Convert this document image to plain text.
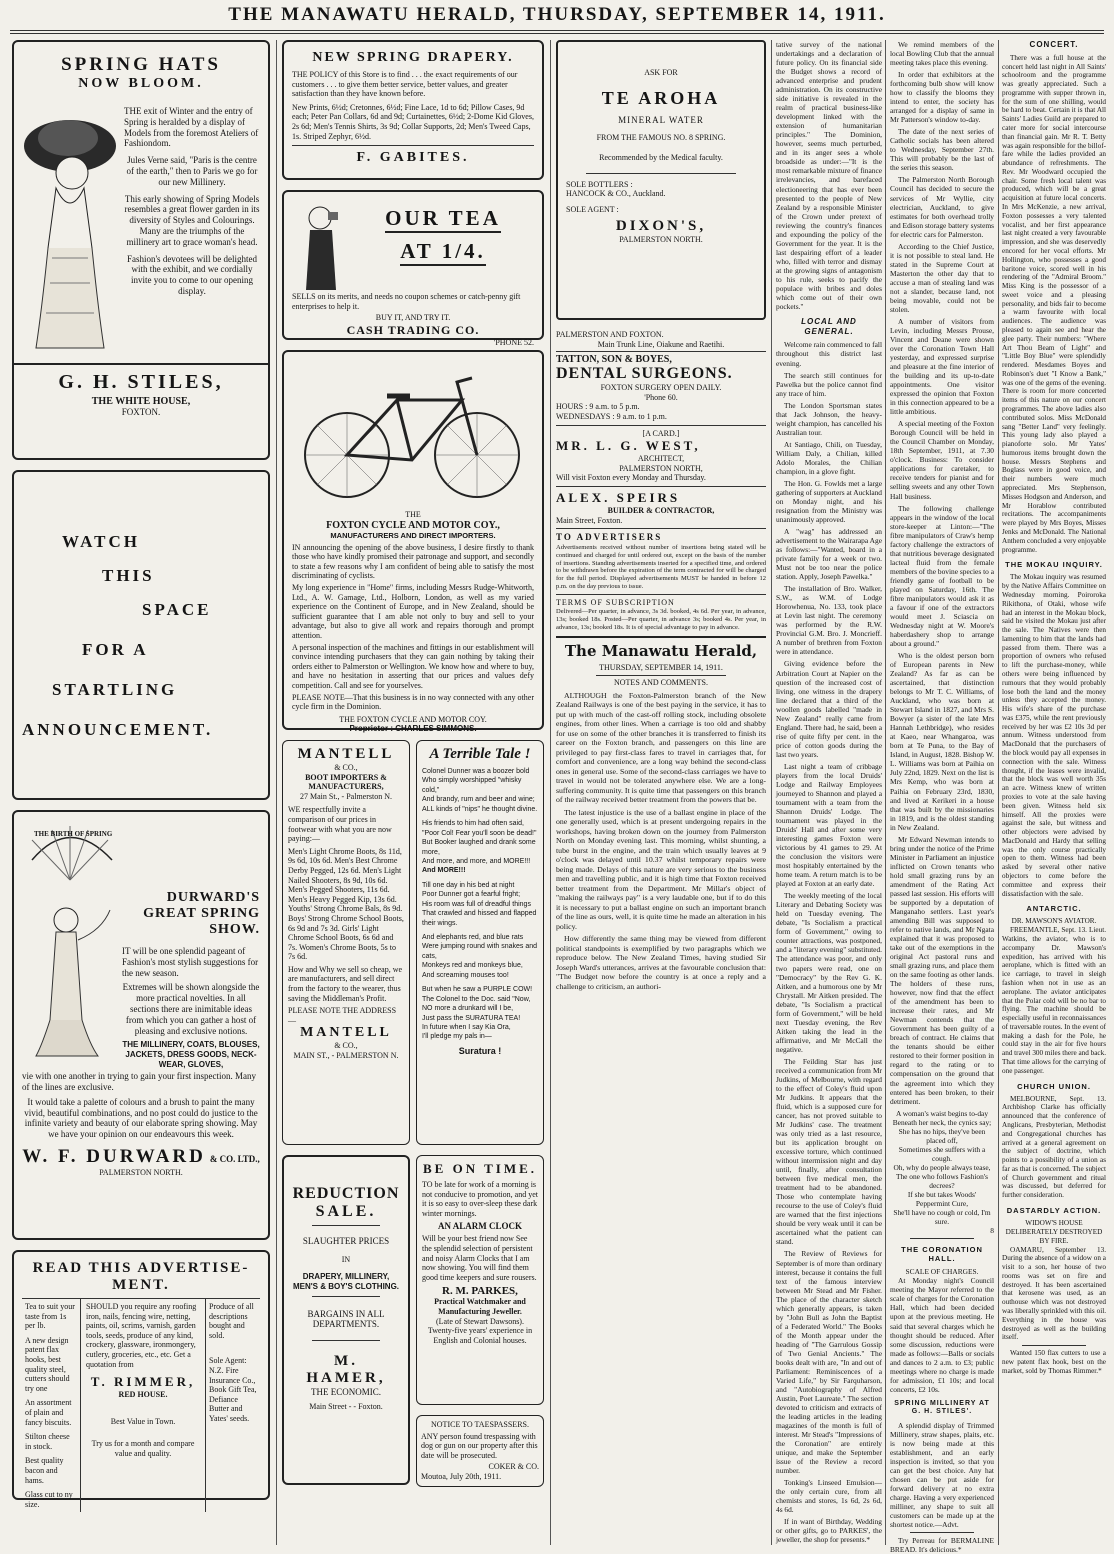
THE MANAWATU HERALD, THURSDAY, SEPTEMBER 14, 1911.
SPRING HATS
NOW BLOOM.

THE exit of Winter and the entry of Spring is heralded by a display of Models from the foremost Ateliers of Fashiondom.

Jules Verne said, "Paris is the centre of the earth," then to Paris we go for our new Millinery.

This early showing of Spring Models resembles a great flower garden in its diversity of Styles and Colourings. Many are the triumphs of the millinery art to grace woman's head.

Fashion's devotees will be delighted with the exhibit, and we cordially invite you to come to our opening display.

G. H. STILES,
THE WHITE HOUSE,
FOXTON.
WATCH
THIS
SPACE
FOR A
STARTLING
ANNOUNCEMENT.
THE BIRTH OF SPRING
DURWARD'S GREAT SPRING SHOW.

IT will be one splendid pageant of Fashion's most stylish suggestions for the new season.

Extremes will be shown alongside the more practical novelties. In all sections there are inimitable ideas from which you can gather a host of pleasing and exclusive notions.

THE MILLINERY, COATS, BLOUSES, JACKETS, DRESS GOODS, NECK-WEAR, GLOVES,

vie with one another in trying to gain your first inspection. Many of the lines are exclusive.

It would take a palette of colours and a brush to paint the many vivid, beautiful combinations, and no post could do justice to the infinite variety and beauty of our elaborate spring showing. May we have your opinion on our endeavours this week.

W. F. DURWARD & CO. LTD.,
PALMERSTON NORTH.
READ THIS ADVERTISE-MENT.

Tea to suit your taste from 1s per lb.

A new design patent flax hooks, best quality steel, cutters should try one

An assortment of plain and fancy biscuits.

Stilton cheese in stock.

Best quality bacon and hams.

Glass cut to ny size.

SHOULD you require any roofing iron, nails, fencing wire, netting, paints, oil, scrims, varnish, garden tools, seeds, produce of any kind, crockery, glassware, ironmongery, cutlery, groceries, etc., etc. Get a quotation from

T. RIMMER,
RED HOUSE.
Best Value in Town.
Try us for a month and compare value and quality.

Produce of all descriptions bought and sold.

Sole Agent: N.Z. Fire Insurance Co., Book Gift Tea, Defiance Butter and Yates' seeds.

NEW SPRING DRAPERY.

THE POLICY of this Store is to find . . . the exact requirements of our customers . . . to give them better service, better values, and greater satisfaction than they have known before.

New Prints, 6½d; Cretonnes, 6½d; Fine Lace, 1d to 6d; Pillow Cases, 9d each; Peter Pan Collars, 6d and 9d; Curtainettes, 6½d; 2-Dome Kid Gloves, 2s 6d; Men's Tennis Shirts, 3s 9d; Collar Supports, 2d; Men's Tweed Caps, 1s. Striped Zephyr, 6½d.

F. GABITES.
OUR TEA
AT 1/4.

SELLS on its merits, and needs no coupon schemes or catch-penny gift enterprises to help it.

BUY IT, AND TRY IT.
CASH TRADING CO.
'PHONE 52.
THE
FOXTON CYCLE AND MOTOR COY.,
MANUFACTURERS AND DIRECT IMPORTERS.

IN announcing the opening of the above business, I desire firstly to thank those who have kindly promised their patronage and support, and secondly to state a few reasons why I am confident of being able to satisfy the most discriminating of cyclists.

My long experience in "Home" firms, including Messrs Rudge-Whitworth, Ltd., A. W. Gamage, Ltd., Holborn, London, as well as my varied experience on the Continent of Europe, and in New Zealand, should be sufficient guarantee that I am able not only to buy and sell to your advantage, but also to give all work and repairs thorough and prompt attention.

A personal inspection of the machines and fittings in our establishment will convince intending purchasers that they can gain nothing by taking their orders either to Palmerston or Wellington. We know how and where to buy, and have no hesitation in asserting that our prices and values defy competition. Call and see for yourselves.

PLEASE NOTE—That this business is in no way connected with any other cycle firm in the Dominion.

THE FOXTON CYCLE AND MOTOR COY.
Proprietor : CHARLES SIMMONS.
MANTELL
& CO.,
BOOT IMPORTERS & MANUFACTURERS,
27 Main St., - Palmerston N.

WE respectfully invite a comparison of our prices in footwear with what you are now paying:—

Men's Light Chrome Boots, 8s 11d, 9s 6d, 10s 6d. Men's Best Chrome Derby Pegged, 12s 6d. Men's Light Nailed Shooters, 8s 9d, 10s 6d. Men's Pegged Shooters, 11s 6d. Men's Heavy Pegged Kip, 13s 6d. Youths' Strong Chrome Bals, 8s 9d. Boys' Strong Chrome School Boots, 6s 9d and 7s 3d. Girls' Light Chrome School Boots, 6s 6d and 7s. Women's Chrome Boots, 5s to 7s 6d.

How and Why we sell so cheap, we are manufacturers, and sell direct from the factory to the wearer, thus saving the Middleman's Profit.

PLEASE NOTE THE ADDRESS—
MANTELL
& CO.,
MAIN ST., - PALMERSTON N.
REDUCTION
SALE.
SLAUGHTER PRICES
IN
DRAPERY, MILLINERY, MEN'S & BOY'S CLOTHING.
BARGAINS IN ALL DEPARTMENTS.
M. HAMER,
THE ECONOMIC.
Main Street - - Foxton.
A Terrible Tale !
Colonel Dunner was a boozer bold
Who simply worshipped "whisky cold,"
And brandy, rum and beer and wine;
ALL kinds of "nips" he thought divine.
His friends to him had often said,
"Poor Col! Fear you'll soon be dead!"
But Booker laughed and drank some more,
And more, and more, and MORE!!!
And MORE!!!
Till one day in his bed at night
Poor Dunner got a fearful fright;
His room was full of dreadful things
That crawled and hissed and flapped their wings.
And elephants red, and blue rats
Were jumping round with snakes and cats,
Monkeys red and monkeys blue,
And screaming mouses too!
But when he saw a PURPLE COW!
The Colonel to the Doc. said "Now,
NO more a drunkard will I be,
Just pass the SURATURA TEA!
In future when I say Kia Ora,
I'll pledge my pals in—
Suratura !
BE ON TIME.

TO be late for work of a morning is not conducive to promotion, and yet it is so easy to over-sleep these dark winter mornings.

AN ALARM CLOCK

Will be your best friend now See the splendid selection of persistent and noisy Alarm Clocks that I am now showing. You will find them good time keepers and sure rousers.

R. M. PARKES,
Practical Watchmaker and Manufacturing Jeweller.
(Late of Stewart Dawsons). Twenty-five years' experience in English and Colonial houses.
NOTICE TO TAESPASSERS.

ANY person found trespassing with dog or gun on our property after this date will be prosecuted.

COKER & CO.
Moutoa, July 20th, 1911.
ASK FOR
TE AROHA
MINERAL WATER
FROM THE FAMOUS NO. 8 SPRING.
Recommended by the Medical faculty.
SOLE BOTTLERS :
HANCOCK & CO., Auckland.
SOLE AGENT :
DIXON'S,
PALMERSTON NORTH.
PALMERSTON AND FOXTON.
Main Trunk Line, Oiakune and Raetihi.
TATTON, SON & BOYES,
DENTAL SURGEONS.
FOXTON SURGERY OPEN DAILY.
'Phone 60.
HOURS : 9 a.m. to 5 p.m.
WEDNESDAYS : 9 a.m. to 1 p.m.
[A CARD.]
MR. L. G. WEST,
ARCHITECT,
PALMERSTON NORTH,
Will visit Foxton every Monday and Thursday.
ALEX. SPEIRS
BUILDER & CONTRACTOR,
Main Street, Foxton.
TO ADVERTISERS

Advertisements received without number of insertions being stated will be continued and charged for until ordered out, except on the basis of the number of insertions. Standing advertisements inserted for a specified time, and ordered to be withdrawn before the expiration of the term contracted for will be charged for the full period. Displayed advertisements MUST be handed in before 12 p.m. on the day previous to issue.

TERMS OF SUBSCRIPTION

Delivered—Per quarter, in advance, 3s 3d. booked, 4s 6d. Per year, in advance, 13s; booked 18s. Posted—Per quarter, in advance 3s; booked 4s. Per year, in advance, 13s; booked 18s. It is of special advantage to pay in advance.

The Manawatu Herald,
THURSDAY, SEPTEMBER 14, 1911.
NOTES AND COMMENTS.

ALTHOUGH the Foxton-Palmerston branch of the New Zealand Railways is one of the best paying in the service, it has to put up with much of the cast-off rolling stock, including obsolete engines, from other lines. When a carriage is too old and shabby for use on some of the other branches it is transferred to finish its career on the Foxton branch, and passengers on this line are privileged to pay first-class fares to travel in carriages that, for comfort and convenience, are a long way behind the second-class ones in general use. Some of the second-class carriages we have to travel in would not be tolerated anywhere else. We are a long-suffering community. It is quite time that passengers on this branch of the railway received better treatment from the powers that be.

The latest injustice is the use of a ballast engine in place of the one generally used, which is at present undergoing repairs in the workshops, having broken down on the journey from Palmerston North on Monday evening last. This morning, whilst shunting, a tube burst in the engine, and the train which usually leaves at 9 o'clock was delayed until 10.37 whilst temporary repairs were being made. Delays of this nature are very serious to the business men and travelling public, and it is high time that Foxton received better treatment from the Department. Mr Millar's object of "making the railways pay" is a very laudable one, but if to do this it is necessary to put a ballast engine on such an important branch of the line as ours, well, it is quite time he made an alteration in his policy.

How differently the same thing may be viewed from different political standpoints is exemplified by two paragraphs which we reproduce below. The New Zealand Times, having studied Sir Joseph Ward's utterances, arrives at the favourable conclusion that: "The Budget now before the country is at once a reply and a challenge to criticism, an authori-

tative survey of the national undertakings and a declaration of future policy. On its financial side the Budget shows a record of advanced enterprise and prudent administration. On its constructive side initiative is revealed in the realm of practical business-like development linked with the extension of humanitarian principles." The Dominion, however, seems much perturbed, and in its anger sees a whole broadside as under:—"It is the most remarkable mixture of finance irrelevancies, and barefaced electioneering that has ever been presented to the people of New Zealand by a responsible Minister of the Crown under pretext of reviewing the country's finances and expounding the policy of the Government for the year. It is the last despairing effort of a leader who, filled with terror and dismay at the growing signs of antagonism to his rule, seeks to pacify the populace with bribes and doles which come out of their own pockets."

LOCAL AND GENERAL.

Welcome rain commenced to fall throughout this district last evening.

The search still continues for Pawelka but the police cannot find any trace of him.

The London Sportsman states that Jack Johnson, the heavy-weight champion, has cancelled his Australian tour.

At Santiago, Chili, on Tuesday, William Daly, a Chilian, killed Adolo Morales, the Chilian champion, in a glove fight.

The Hon. G. Fowlds met a large gathering of supporters at Auckland on Monday night, and his resignation from the Ministry was unanimously approved.

A "wag" has addressed an advertisement to the Wairarapa Age as follows:—"Wanted, board in a private family for a week or two. Must not be too near the police station. Apply, Joseph Pawelka."

The installation of Bro. Walker, S.W., as W.M. of Lodge Horowhenua, No. 133, took place at Levin last night. The ceremony was performed by the R.W. Provincial G.M. Bro. J. Moncrieff. A number of brethren from Foxton were in attendance.

Giving evidence before the Arbitration Court at Napier on the question of the increased cost of living, one witness in the drapery line declared that a third of the woollen goods labelled "made in New Zealand" really came from England. There had, he said, been a rise of quite fifty per cent. in the price of cotton goods during the last two years.

Last night a team of cribbage players from the local Druids' Lodge and Railway Employees journeyed to Shannon and played a tournament with a team from the Shannon Druids' Lodge. The tournament was played in the Druids' Hall and after some very interesting games Foxton were victorious by 41 games to 29. At the conclusion the visitors were most hospitably entertained by the home team. A return match is to be played at Foxton at an early date.

The weekly meeting of the local Literary and Debating Society was held on Tuesday evening. The debate, "Is Socialism a practical form of Government," owing to counter attractions, was postponed, and a "literary evening" substituted. The attendance was poor, and only two papers were read, one on "Democracy" by the Rev G. K. Aitken, and a humorous one by Mr Chrystall. Mr Aitken presided. The debate, "Is Socialism a practical form of Government," will be held next Tuesday evening, the Rev Aitken taking the lead in the affirmative, and Mr McCall the negative.

The Feilding Star has just received a communication from Mr Judkins, of Melbourne, with regard to the effect of Coley's fluid upon Mr Judkins. It appears that the fluid, which is a supposed cure for cancer, has not proved suitable to Mr Judkins' case. The treatment was only tried as a last resource, but its application brought on excessive torture, which continued without intermission night and day until, finally, after consultation between five medical men, the treatment had to be abandoned. Those who contemplate having recourse to the use of Coley's fluid are warned that the first injections should be very weak until it can be ascertained what the patient can stand.

The Review of Reviews for September is of more than ordinary interest, because it contains the full text of the famous interview between Mr Stead and Mr Fisher. The place of the character sketch which generally appears, is taken by "John Bull as John the Baptist of a Federated World." The Books of the Month appear under the heading of "The Garrulous Gossip of Two Genial Ancients." The books dealt with are, "In and out of Parliament: Reminiscences of a Varied Life," by Sir Farquharson, and "Autobiography of Alfred Austin, Poet Laureate." The section devoted to criticism and extracts of the leading articles in the leading magazines of the month is full of interest. Mr Stead's "Impressions of the Coronation" are entirely unique, and make the September issue of the Review a record number.

Tonking's Linseed Emulsion—the only certain cure, from all chemists and stores, 1s 6d, 2s 6d, 4s 6d.

If in want of Birthday, Wedding or other gifts, go to PARKES', the jeweller, the shop for presents.*

We remind members of the local Bowling Club that the annual meeting takes place this evening.

In order that exhibitors at the forthcoming bulb show will know how to classify the blooms they intend to enter, the society has arranged for a display of same in Mr Patterson's window to-day.

The date of the next series of Catholic socials has been altered to Wednesday, September 27th. This will probably be the last of the series this season.

The Palmerston North Borough Council has decided to secure the services of Mr Wyllie, city electrician, Auckland, to give estimates for both overhead trolly and Edison storage battery systems for electric cars for Palmerston.

According to the Chief Justice, it is not possible to steal land. He stated in the Supreme Court at Masterton the other day that to accuse a man of stealing land was not a slander, because land, not being movable, could not be stolen.

A number of visitors from Levin, including Messrs Prouse, Vincent and Deane were shown over the Coronation Town Hall yesterday, and expressed surprise and pleasure at the fine interior of the building and its up-to-date appointments. One visitor expressed the opinion that Foxton in this connection appeared to be a little ambitious.

A special meeting of the Foxton Borough Council will be held in the Council Chamber on Monday, 18th September, 1911, at 7.30 o'clock. Business: To consider applications for caretaker, to receive tenders for pianist and for selling sweets and any other Town Hall business.

The following challenge appears in the window of the local store-keeper at Linton:—"The fibre manipulators of Craw's hemp factory challenge the extractors of that nutritious beverage designated lacteal fluid from the female members of the bovine species to a friendly game of football to be played on Saturday, 16th. The fibre manipulators would ask it as a favour if one of the extractors would meet J. Sciascia on Wednesday night at W. Moore's haberdashery shop to arrange about a ground."

Who is the oldest person born of European parents in New Zealand? As far as can be ascertained, that distinction belongs to Mr T. C. Williams, of Auckland, who was born at Stewart Island in 1827, and Mrs S. Bowyer (a sister of the late Mrs Hannah Lethbridge), who resides at Kaeo, near Whangaroa, was born at Te Puna, to the Bay of Island, in August, 1828. Bishop W. L. Williams was born at Paihia on July 22nd, 1829. Next on the list is Mrs Kemp, who was born at Paihia on February 23rd, 1830, and lived at Kerikeri in a house that was built by the missionaries in 1819, and is the oldest standing in New Zealand.

Mr Edward Newman intends to bring under the notice of the Prime Minister in Parliament an injustice inflicted on Crown tenants who hold small grazing runs by an amendment of the Rating Act passed last session. His efforts will be supported by a deputation of Manganaho settlers. Last year's amending Bill was supposed to refer to native lands, and Mr Ngata explained that it was proposed to take out of the exemptions in the original Act pastoral runs and small grazing runs, and place them on the same footing as other lands. The holders of these runs, however, now find that the effect of the amendment has been to increase their rates, and Mr Newman contends that the Government has been guilty of a breach of contract. He claims that the tenants should be either restored to their former position in regard to the rating or to compensation on the ground that the agreement into which they entered has been broken, to their detriment.

A woman's waist begins to-day
Beneath her neck, the cynics say;
She has no hips, they've been placed off,
Sometimes she suffers with a cough.
Oh, why do people always tease,
The one who follows Fashion's decrees?
If she but takes Woods' Peppermint Cure,
She'll have no cough or cold, I'm sure.
8
THE CORONATION HALL.
SCALE OF CHARGES.

At Monday night's Council meeting the Mayor referred to the scale of charges for the Coronation Hall, which had been decided upon at the previous meeting. He said that several charges which he thought should be reduced. After some discussion, reductions were made as follows:—Balls or socials and dances to 2 a.m. to £3; public meetings where no charge is made for admission, £1 10s; and local concerts, £2 10s.

SPRING MILLINERY AT G. H. STILES'.

A splendid display of Trimmed Millinery, straw shapes, plaits, etc. is now being made at this establishment, and an early inspection is invited, so that you can get the best choice. Any hat chosen can be put aside for forward delivery at no extra charge. Having a very experienced milliner, any shape to suit all customers can be made up at the shortest notice.—Advt.

Try Perreau for BERMALINE BREAD. It's delicious.*

CONCERT.

There was a full house at the concert held last night in All Saints' schoolroom and the programme was greatly appreciated. Such a programme with supper thrown in, for the sum of one shilling, would be hard to beat. Certain it is that All Saints' Ladies Guild are prepared to cater more for social intercourse than financial gain. Mr R. T. Betty was again responsible for the billof-fare while the ladies provided an abundance of refreshments. The Rev. Mr Woodward occupied the chair. Some fresh local talent was produced, which will be a great acquisition at future local concerts. In Mrs McKenzie, a new arrival, Foxton possesses a very talented vocalist, and her first appearance last night created a very favourable impression, and she was deservedly encored for her vocal efforts. Mr Hollington, who possesses a good baritone voice, scored well in his rendering of the "Admiral Broom." Miss King is the possessor of a sweet voice and a pleasing personality, and bids fair to become a warm favourite with local audiences. The audience was pleased to again see and hear the glee party. Their numbers: "Where Art Thou Beam of Light" and "Little Boy Blue" were splendidly rendered. Mesdames Boyes and Robinson's duet "I Know a Bank," was one of the gems of the evening. There is room for more concerted items of this nature on our concert programmes. The above ladies also contributed solos. Miss McDonald sang "Better Land" very feelingly. This young lady also played a pianoforte solo. Mr Yates' humorous items brought down the house. Messrs Stephens and Boglass were in good voice, and their numbers were much appreciated. Mrs Stephenson, Misses Hodgson and Anderson, and Mr Horablow contributed recitations. The accompaniments were played by Mrs Boyes, Misses Jenks and McDonald. The National Anthem concluded a very enjoyable programme.

THE MOKAU INQUIRY.

The Mokau inquiry was resumed by the Native Affairs Committee on Wednesday morning. Poiroroka Rikithona, of Otaki, whose wife had an interest in the Mokau block, said he visited the Mokau just after the sale. The Natives were then lamenting to him that the lands had passed from them. There was a proportion of owners who refused to lift the purchase-money, while others were being influenced by rumours that they would probably lose both the land and the money unless they accepted the money. His wife's share of the purchase was £375, while the rent previously received by her was £2 10s 3d per annum. Witness understood from MacDonald that the purchasers of the block would pay all expenses in connection with the sale. Witness thought, if the leases were invalid, that the block was well worth 35s an acre. Witness knew of written proxies to vote at the sale having been given. Witness held six himself. All the proxies were against the sale, but witness and other objectors were advised by MacDonald and Hardy that selling was the only course practically open to them. Witness had been asked by several other native objectors to come before the committee and express their dissatisfaction with the sale.

ANTARCTIC.
DR. MAWSON'S AVIATOR.

FREEMANTLE, Sept. 13. Lieut. Watkins, the aviator, who is to accompany Dr. Mawson's expedition, has arrived with his aeroplane, which is fitted with an ice carriage, to travel in sleigh fashion when not in use as an aeroplane. The aviator anticipates that the Polar cold will be no bar to flying. The machine should be especially useful in reconnaissances of traversable routes. In the event of making a dash for the Pole, he could stay in the air for five hours and travel 300 miles there and back. That time allows for the carrying of one passenger.

CHURCH UNION.

MELBOURNE, Sept. 13. Archbishop Clarke has officially announced that the conference of Anglicans, Presbyterian, Methodist and Congregational churches has arrived at a general agreement on the subject of doctrine, which points to a possibility of a union as far as that is concerned. The subject of Church government and ritual was discussed, but deferred for further consideration.

DASTARDLY ACTION.
WIDOW'S HOUSE DELIBERATELY DESTROYED BY FIRE.

OAMARU, September 13. During the absence of a widow on a visit to a son, her house of two rooms was set on fire and destroyed. It has been ascertained that kerosene was used, as an outhouse which was not destroyed was liberally sprinkled with this oil. Everything in the house was destroyed as well as the building itself.

Wanted 150 flax cutters to use a new patent flax hook, best on the market, sold by Thomas Rimmer.*
